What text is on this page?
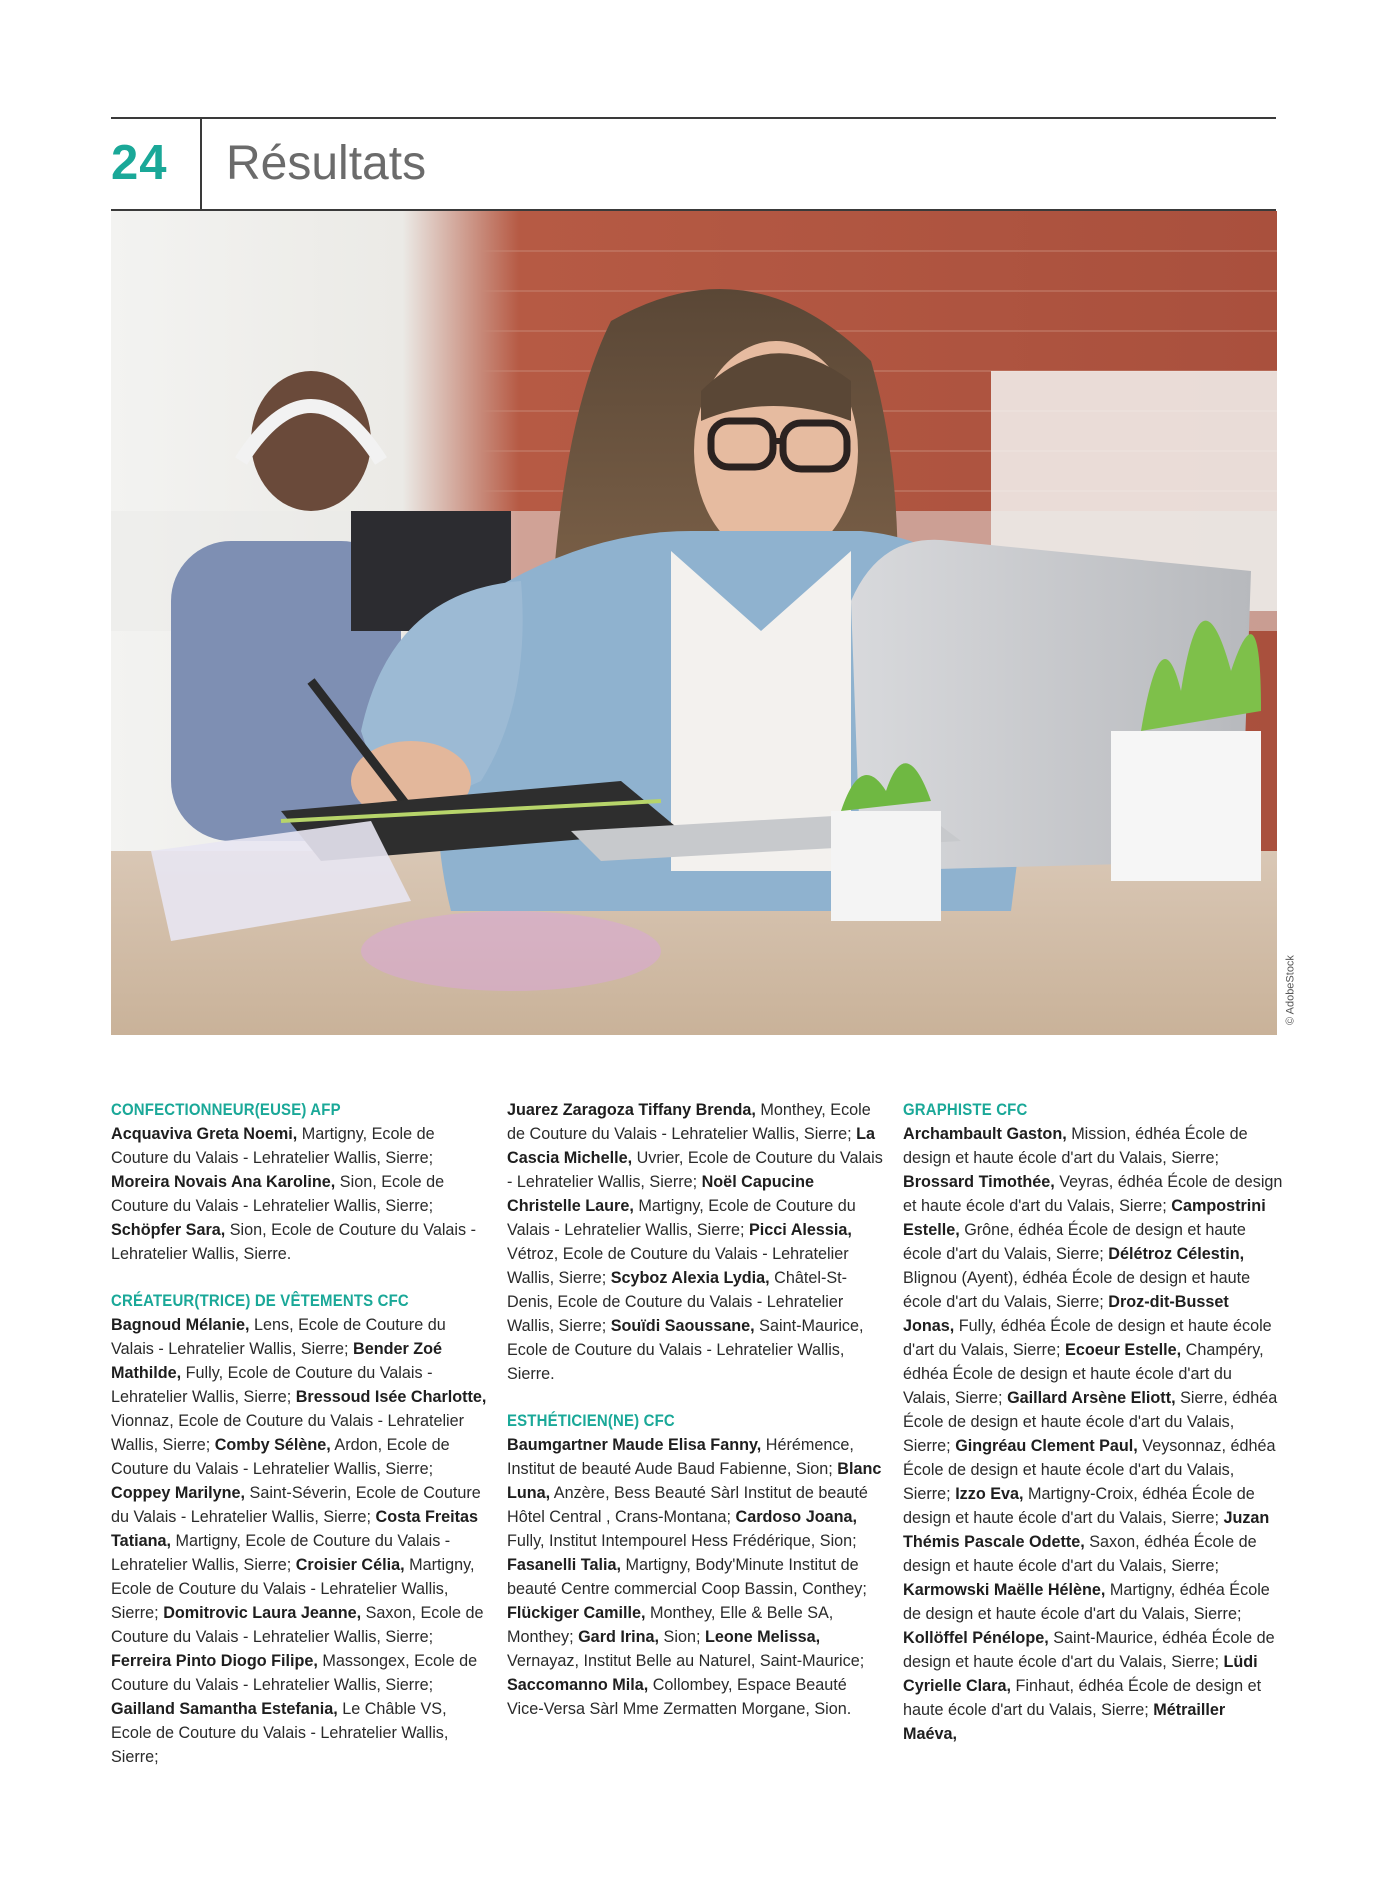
24	Résultats
© AdobeStock

CONFECTIONNEUR(EUSE) AFP

Acquaviva Greta Noemi, Martigny, Ecole de Couture du Valais - Lehratelier Wallis, Sierre; Moreira Novais Ana Karoline, Sion, Ecole de Couture du Valais - Lehratelier Wallis, Sierre; Schöpfer Sara, Sion, Ecole de Couture du Valais - Lehratelier Wallis, Sierre.

CRÉATEUR(TRICE) DE VÊTEMENTS CFC

Bagnoud Mélanie, Lens, Ecole de Couture du Valais - Lehratelier Wallis, Sierre; Bender Zoé Mathilde, Fully, Ecole de Couture du Valais - Lehratelier Wallis, Sierre; Bressoud Isée Charlotte, Vionnaz, Ecole de Couture du Valais - Lehratelier Wallis, Sierre; Comby Sélène, Ardon, Ecole de Couture du Valais - Lehratelier Wallis, Sierre; Coppey Marilyne, Saint-Séverin, Ecole de Couture du Valais - Lehratelier Wallis, Sierre; Costa Freitas Tatiana, Martigny, Ecole de Couture du Valais - Lehratelier Wallis, Sierre; Croisier Célia, Martigny, Ecole de Couture du Valais - Lehratelier Wallis, Sierre; Domitrovic Laura Jeanne, Saxon, Ecole de Couture du Valais - Lehratelier Wallis, Sierre; Ferreira Pinto Diogo Filipe, Massongex, Ecole de Couture du Valais - Lehratelier Wallis, Sierre; Gailland Samantha Estefania, Le Châble VS, Ecole de Couture du Valais - Lehratelier Wallis, Sierre;

Juarez Zaragoza Tiffany Brenda, Monthey, Ecole de Couture du Valais - Lehratelier Wallis, Sierre; La Cascia Michelle, Uvrier, Ecole de Couture du Valais - Lehratelier Wallis, Sierre; Noël Capucine Christelle Laure, Martigny, Ecole de Couture du Valais - Lehratelier Wallis, Sierre; Picci Alessia, Vétroz, Ecole de Couture du Valais - Lehratelier Wallis, Sierre; Scyboz Alexia Lydia, Châtel-St-Denis, Ecole de Couture du Valais - Lehratelier Wallis, Sierre; Souïdi Saoussane, Saint-Maurice, Ecole de Couture du Valais - Lehratelier Wallis, Sierre.

ESTHÉTICIEN(NE) CFC

Baumgartner Maude Elisa Fanny, Hérémence, Institut de beauté Aude Baud Fabienne, Sion; Blanc Luna, Anzère, Bess Beauté Sàrl Institut de beauté Hôtel Central , Crans-Montana; Cardoso Joana, Fully, Institut Intempourel Hess Frédérique, Sion; Fasanelli Talia, Martigny, Body'Minute Institut de beauté Centre commercial Coop Bassin, Conthey; Flückiger Camille, Monthey, Elle & Belle SA, Monthey; Gard Irina, Sion; Leone Melissa, Vernayaz, Institut Belle au Naturel, Saint-Maurice; Saccomanno Mila, Collombey, Espace Beauté Vice-Versa Sàrl Mme Zermatten Morgane, Sion.

GRAPHISTE CFC

Archambault Gaston, Mission, édhéa École de design et haute école d'art du Valais, Sierre; Brossard Timothée, Veyras, édhéa École de design et haute école d'art du Valais, Sierre; Campostrini Estelle, Grône, édhéa École de design et haute école d'art du Valais, Sierre; Délétroz Célestin, Blignou (Ayent), édhéa École de design et haute école d'art du Valais, Sierre; Droz-dit-Busset Jonas, Fully, édhéa École de design et haute école d'art du Valais, Sierre; Ecoeur Estelle, Champéry, édhéa École de design et haute école d'art du Valais, Sierre; Gaillard Arsène Eliott, Sierre, édhéa École de design et haute école d'art du Valais, Sierre; Gingréau Clement Paul, Veysonnaz, édhéa École de design et haute école d'art du Valais, Sierre; Izzo Eva, Martigny-Croix, édhéa École de design et haute école d'art du Valais, Sierre; Juzan Thémis Pascale Odette, Saxon, édhéa École de design et haute école d'art du Valais, Sierre; Karmowski Maëlle Hélène, Martigny, édhéa École de design et haute école d'art du Valais, Sierre; Kollöffel Pénélope, Saint-Maurice, édhéa École de design et haute école d'art du Valais, Sierre; Lüdi Cyrielle Clara, Finhaut, édhéa École de design et haute école d'art du Valais, Sierre; Métrailler Maéva,
